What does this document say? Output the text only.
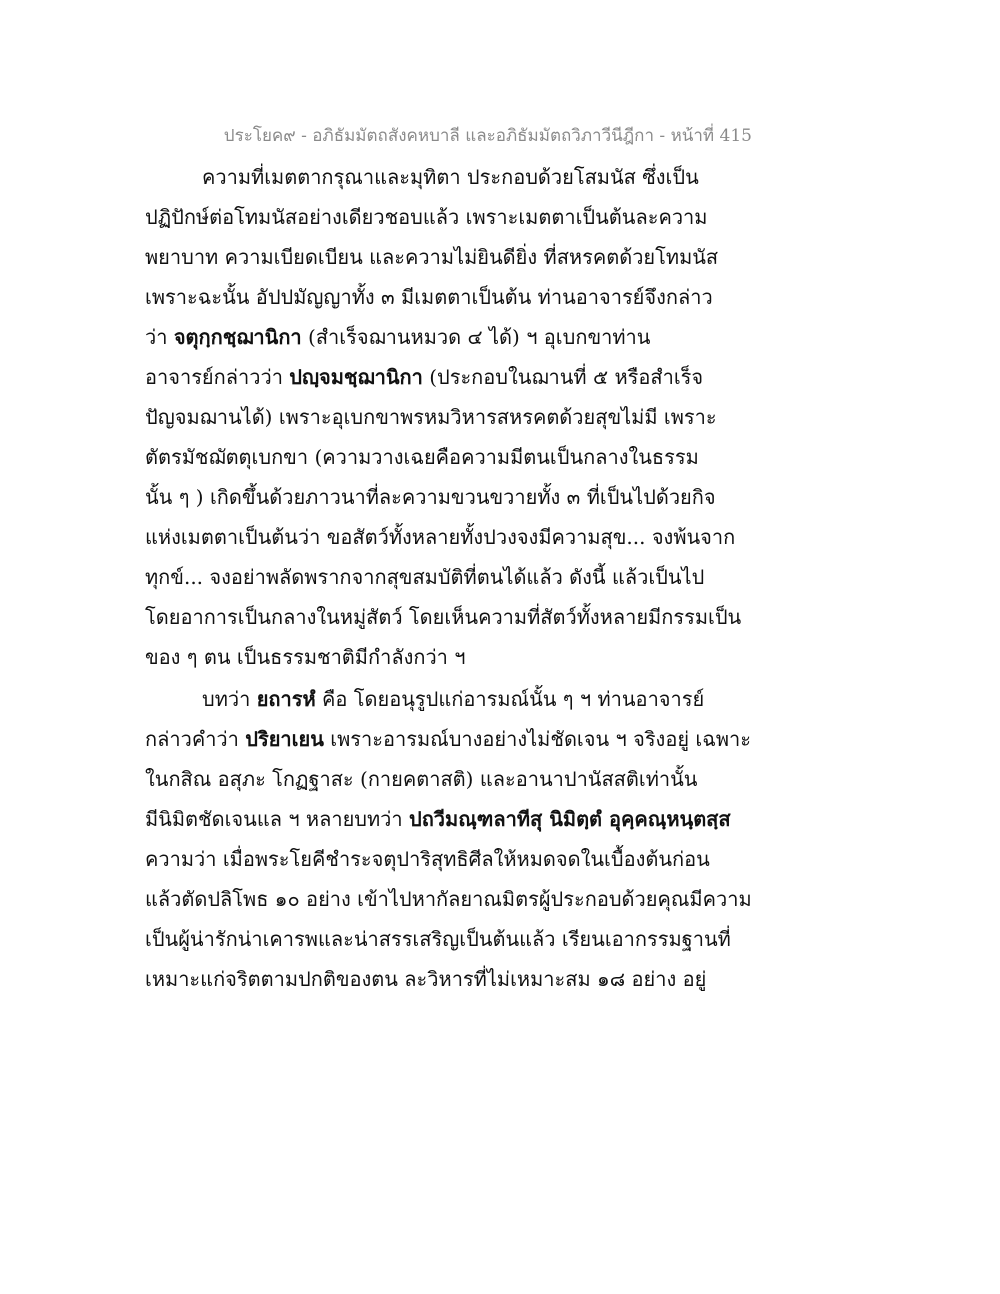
ประโยค๙ - อภิธัมมัตถสังคหบาลี และอภิธัมมัตถวิภาวีนีฎีกา - หน้าที่ 415
ความที่เมตตากรุณาและมุทิตา ประกอบด้วยโสมนัส ซึ่งเป็น
ปฏิปักษ์ต่อโทมนัสอย่างเดียวชอบแล้ว เพราะเมตตาเป็นต้นละความ
พยาบาท ความเบียดเบียน และความไม่ยินดียิ่ง ที่สหรคตด้วยโทมนัส
เพราะฉะนั้น อัปปมัญญาทั้ง ๓ มีเมตตาเป็นต้น ท่านอาจารย์จึงกล่าว
ว่า จตุกฺกชฺฌานิกา (สำเร็จฌานหมวด ๔ ได้) ฯ อุเบกขาท่าน
อาจารย์กล่าวว่า ปญฺจมชฺฌานิกา (ประกอบในฌานที่ ๕ หรือสำเร็จ
ปัญจมฌานได้) เพราะอุเบกขาพรหมวิหารสหรคตด้วยสุขไม่มี เพราะ
ตัตรมัชฌัตตุเบกขา (ความวางเฉยคือความมีตนเป็นกลางในธรรม
นั้น ๆ ) เกิดขึ้นด้วยภาวนาที่ละความขวนขวายทั้ง ๓ ที่เป็นไปด้วยกิจ
แห่งเมตตาเป็นต้นว่า ขอสัตว์ทั้งหลายทั้งปวงจงมีความสุข... จงพ้นจาก
ทุกข์... จงอย่าพลัดพรากจากสุขสมบัติที่ตนได้แล้ว ดังนี้ แล้วเป็นไป
โดยอาการเป็นกลางในหมู่สัตว์ โดยเห็นความที่สัตว์ทั้งหลายมีกรรมเป็น
ของ ๆ ตน เป็นธรรมชาติมีกำลังกว่า ฯ
บทว่า ยถารหํ คือ โดยอนุรูปแก่อารมณ์นั้น ๆ ฯ ท่านอาจารย์
กล่าวคำว่า ปริยาเยน เพราะอารมณ์บางอย่างไม่ชัดเจน ฯ จริงอยู่ เฉพาะ
ในกสิณ อสุภะ โกฏฐาสะ (กายคตาสติ) และอานาปานัสสติเท่านั้น
มีนิมิตชัดเจนแล ฯ หลายบทว่า ปถวีมณฺฑลาทีสุ นิมิตฺตํ อุคฺคณฺหนฺตสฺส
ความว่า เมื่อพระโยคีชำระจตุปาริสุทธิศีลให้หมดจดในเบื้องต้นก่อน
แล้วตัดปลิโพธ ๑๐ อย่าง เข้าไปหากัลยาณมิตรผู้ประกอบด้วยคุณมีความ
เป็นผู้น่ารักน่าเคารพและน่าสรรเสริญเป็นต้นแล้ว เรียนเอากรรมฐานที่
เหมาะแก่จริตตามปกติของตน ละวิหารที่ไม่เหมาะสม ๑๘ อย่าง อยู่
